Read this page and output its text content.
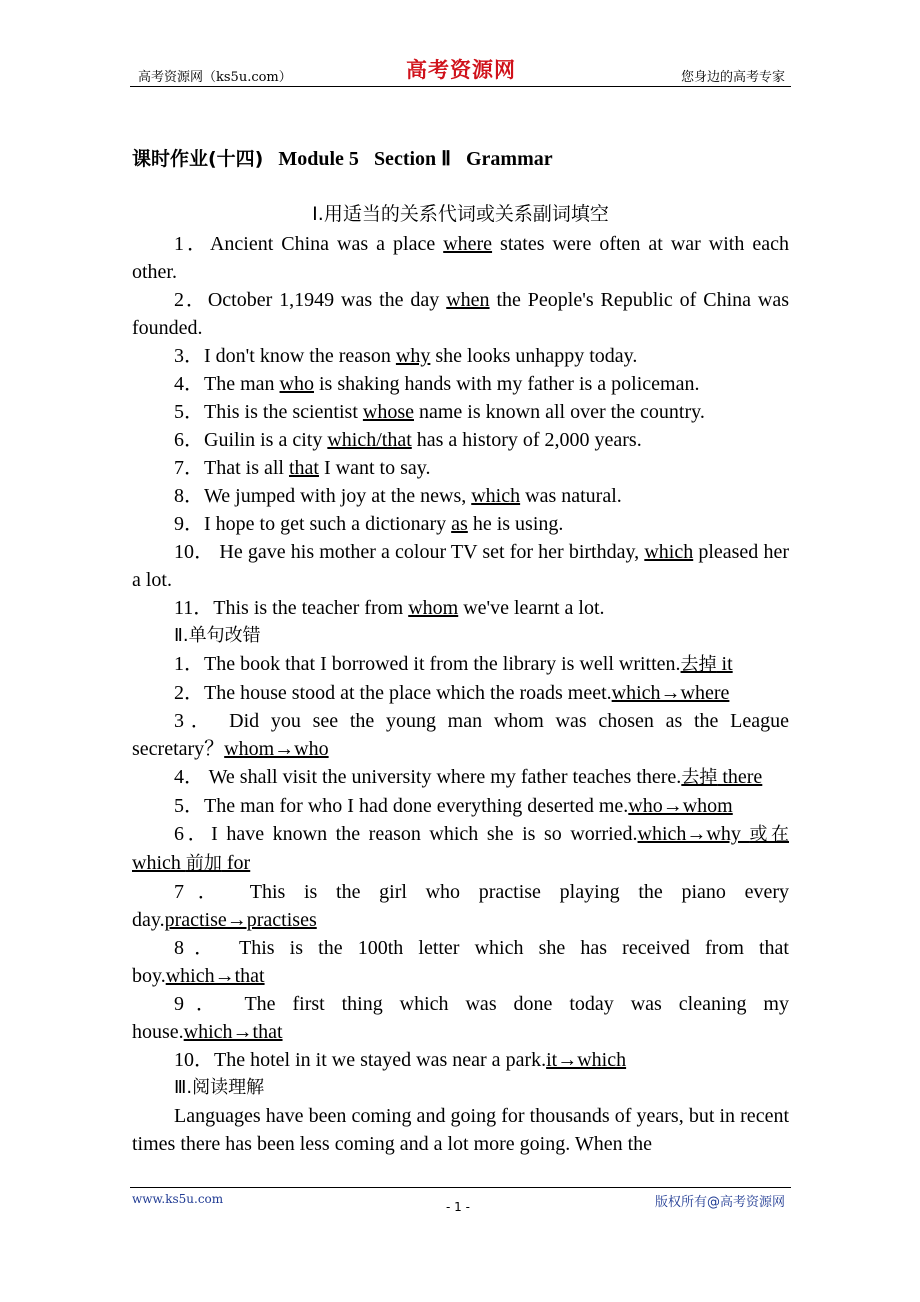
高考资源网（ks5u.com）	高考资源网	您身边的高考专家
课时作业(十四) Module 5 Section Ⅱ Grammar

Ⅰ.用适当的关系代词或关系副词填空

1．Ancient China was a place where states were often at war with each other.

2．October 1,1949 was the day when the People's Republic of China was founded.

3．I don't know the reason why she looks unhappy today.

4．The man who is shaking hands with my father is a policeman.

5．This is the scientist whose name is known all over the country.

6．Guilin is a city which/that has a history of 2,000 years.

7．That is all that I want to say.

8．We jumped with joy at the news, which was natural.

9．I hope to get such a dictionary as he is using.

10． He gave his mother a colour TV set for her birthday, which pleased her a lot.

11．This is the teacher from whom we've learnt a lot.

Ⅱ.单句改错

1．The book that I borrowed it from the library is well written.去掉 it

2．The house stood at the place which the roads meet.which→where

3． Did you see the young man whom was chosen as the League secretary？whom→who

4． We shall visit the university where my father teaches there.去掉 there

5．The man for who I had done everything deserted me.who→whom

6．I have known the reason which she is so worried.which→why 或在 which 前加 for

7． This is the girl who practise playing the piano every day.practise→practises

8． This is the 100th letter which she has received from that boy.which→that

9． The first thing which was done today was cleaning my house.which→that

10．The hotel in it we stayed was near a park.it→which

Ⅲ.阅读理解

Languages have been coming and going for thousands of years, but in recent times there has been less coming and a lot more going. When the

www.ks5u.com
- 1 -	版权所有@高考资源网
